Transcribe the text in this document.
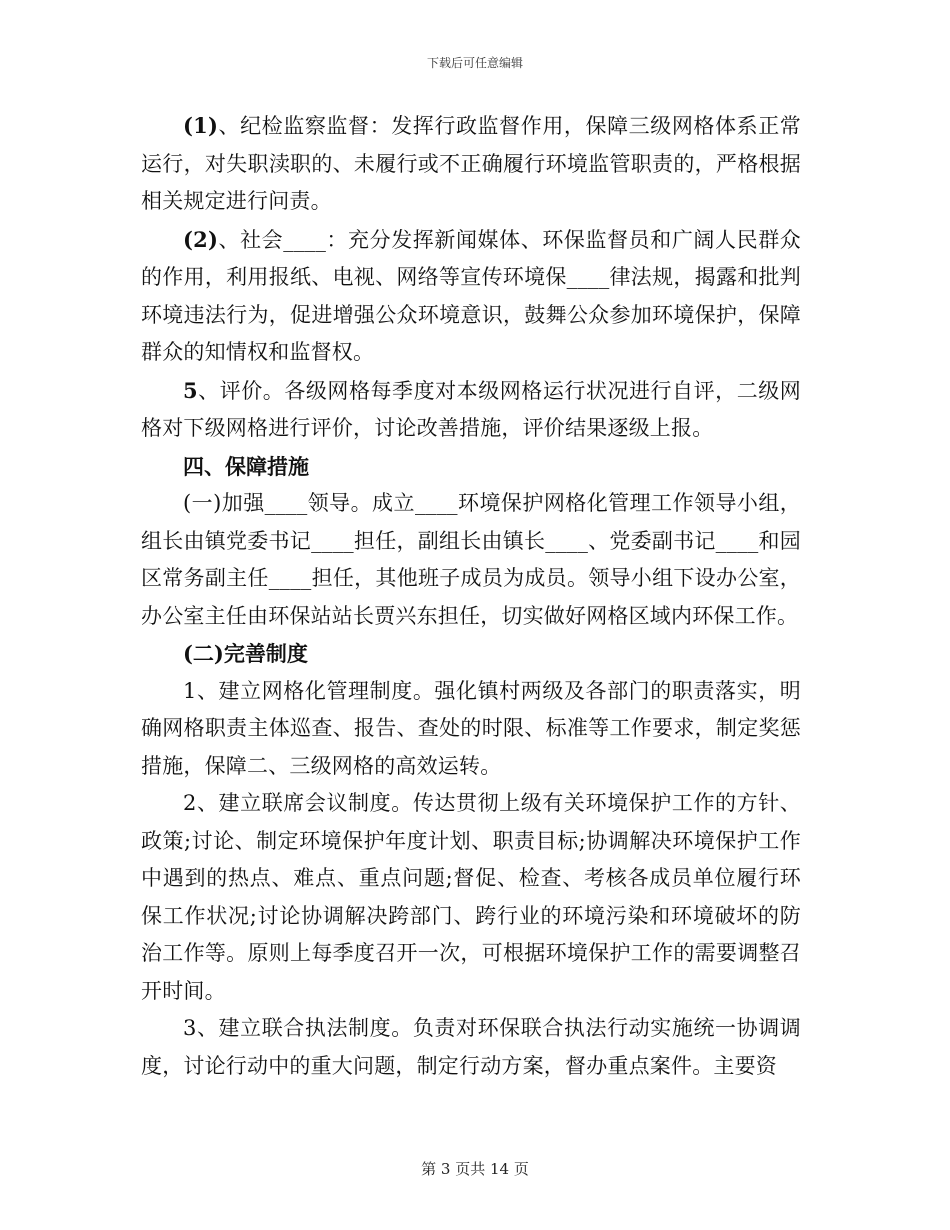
下载后可任意编辑

(1)、纪检监察监督：发挥行政监督作用，保障三级网格体系正常运行，对失职渎职的、未履行或不正确履行环境监管职责的，严格根据相关规定进行问责。

(2)、社会____：充分发挥新闻媒体、环保监督员和广阔人民群众的作用，利用报纸、电视、网络等宣传环境保____律法规，揭露和批判环境违法行为，促进增强公众环境意识，鼓舞公众参加环境保护，保障群众的知情权和监督权。

5、评价。各级网格每季度对本级网格运行状况进行自评，二级网格对下级网格进行评价，讨论改善措施，评价结果逐级上报。

四、保障措施

(一)加强____领导。成立____环境保护网格化管理工作领导小组，组长由镇党委书记____担任，副组长由镇长____、党委副书记____和园区常务副主任____担任，其他班子成员为成员。领导小组下设办公室，办公室主任由环保站站长贾兴东担任，切实做好网格区域内环保工作。

(二)完善制度

1、建立网格化管理制度。强化镇村两级及各部门的职责落实，明确网格职责主体巡查、报告、查处的时限、标准等工作要求，制定奖惩措施，保障二、三级网格的高效运转。

2、建立联席会议制度。传达贯彻上级有关环境保护工作的方针、政策;讨论、制定环境保护年度计划、职责目标;协调解决环境保护工作中遇到的热点、难点、重点问题;督促、检查、考核各成员单位履行环保工作状况;讨论协调解决跨部门、跨行业的环境污染和环境破坏的防治工作等。原则上每季度召开一次，可根据环境保护工作的需要调整召开时间。

3、建立联合执法制度。负责对环保联合执法行动实施统一协调调度，讨论行动中的重大问题，制定行动方案，督办重点案件。主要资

第 3 页共 14 页
